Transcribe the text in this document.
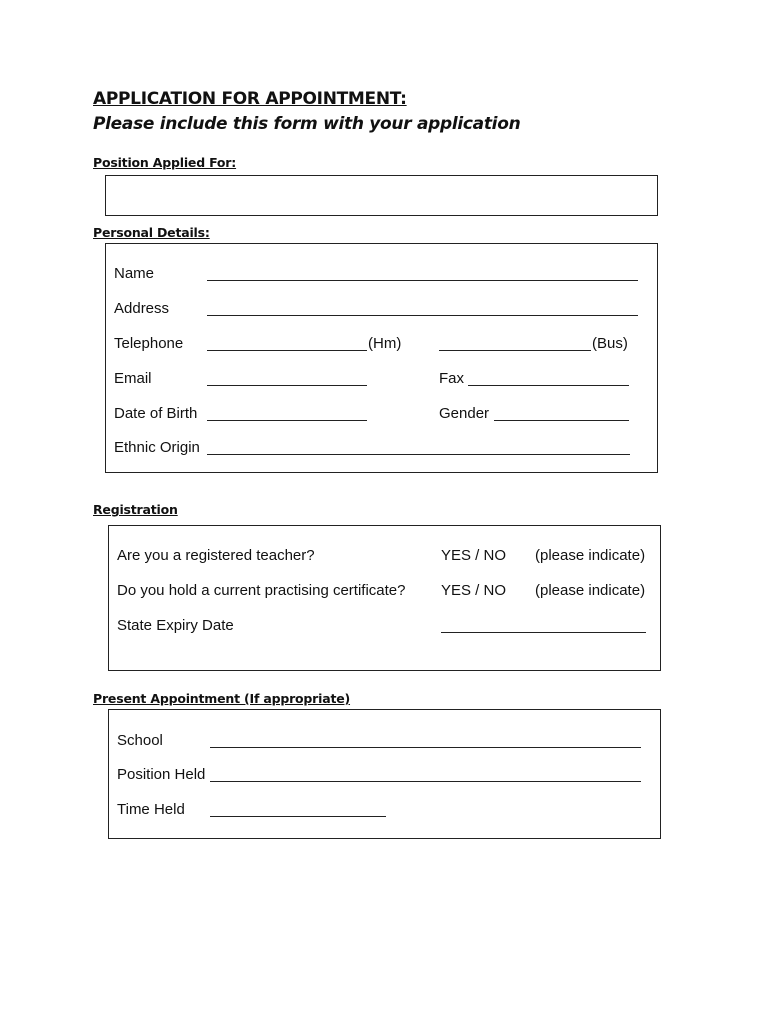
APPLICATION FOR APPOINTMENT:
Please include this form with your application
Position Applied For:
Personal Details:
Name
Address
Telephone	(Hm)	(Bus)
Email	Fax
Date of Birth	Gender
Ethnic Origin
Registration
Are you a registered teacher?	YES / NO (please indicate)
Do you hold a current practising certificate? YES / NO (please indicate)
State Expiry Date
Present Appointment (If appropriate)
School
Position Held
Time Held
